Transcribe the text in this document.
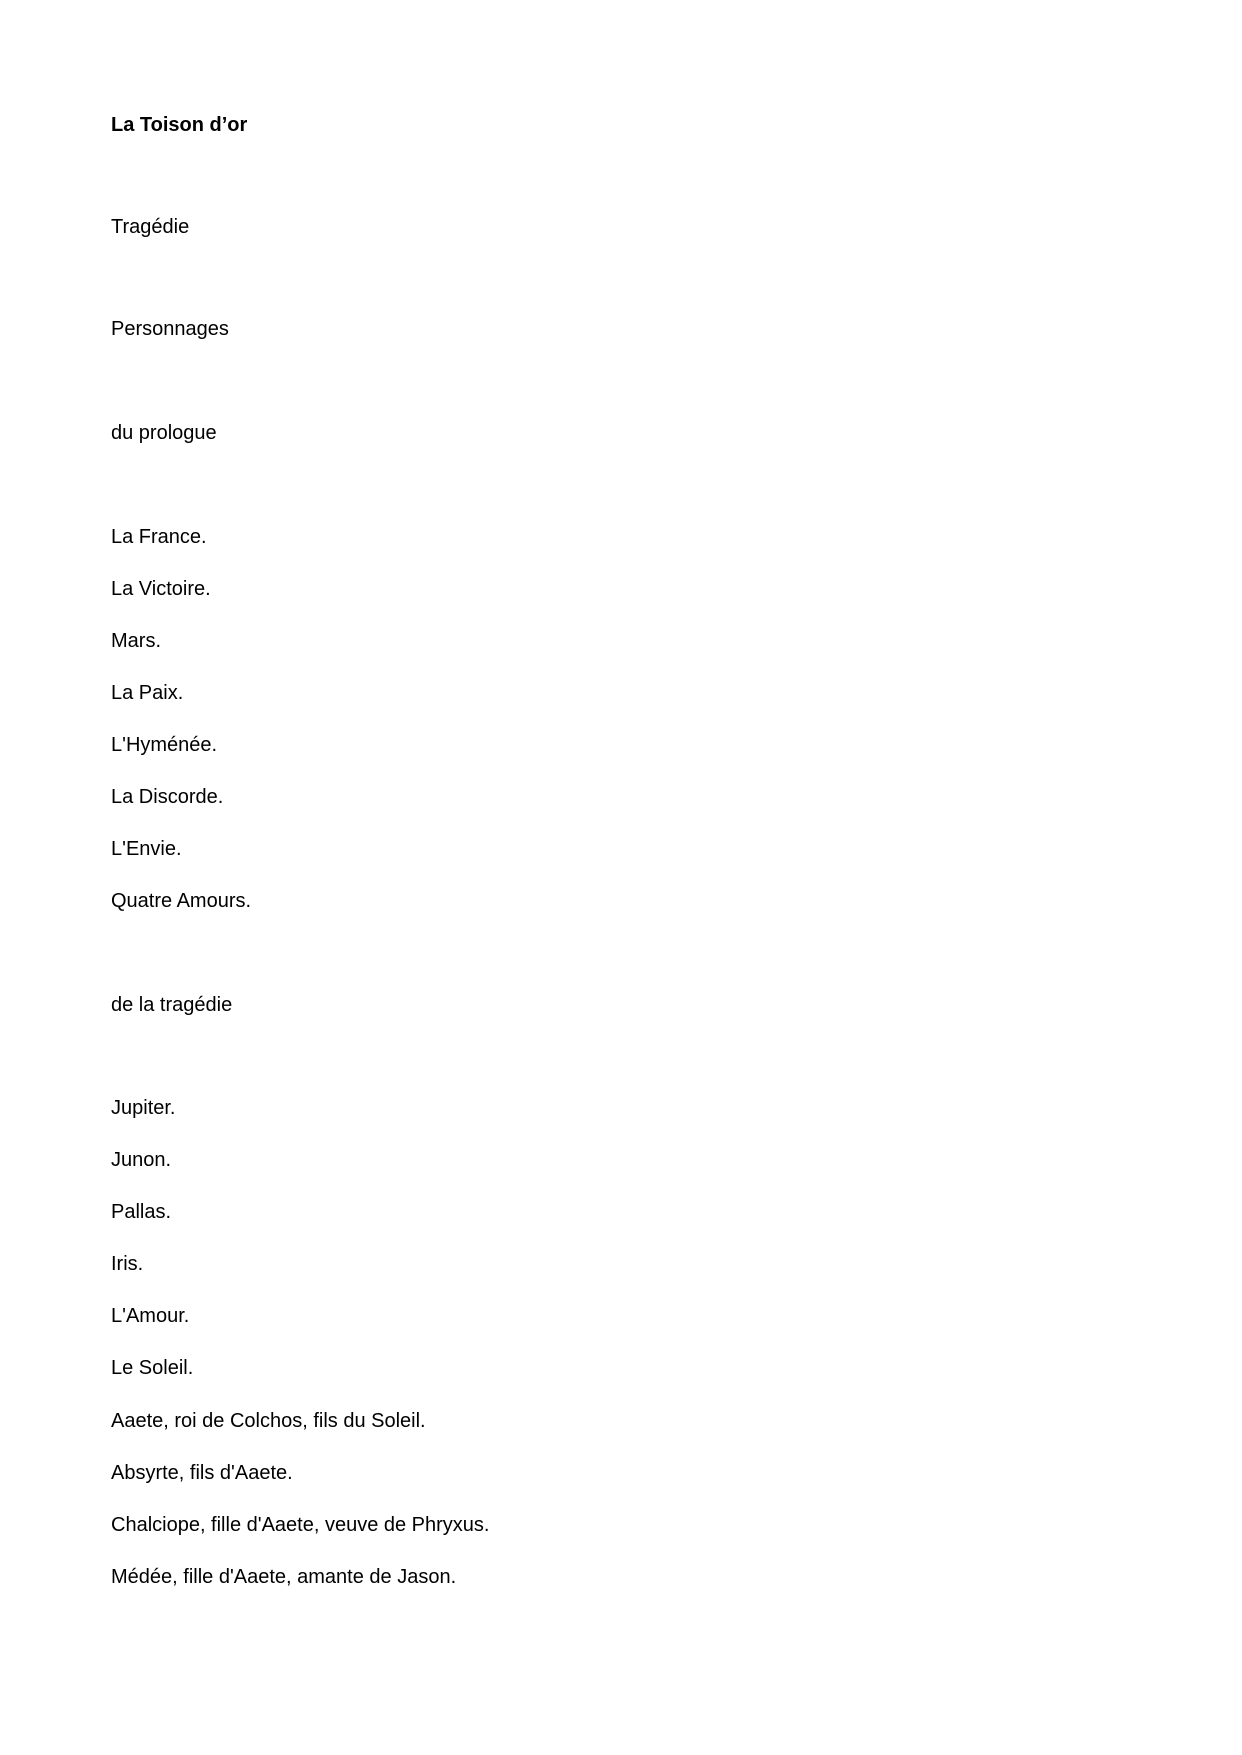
La Toison d’or
Tragédie
Personnages
du prologue
La France.
La Victoire.
Mars.
La Paix.
L'Hyménée.
La Discorde.
L'Envie.
Quatre Amours.
de la tragédie
Jupiter.
Junon.
Pallas.
Iris.
L'Amour.
Le Soleil.
Aaete, roi de Colchos, fils du Soleil.
Absyrte, fils d'Aaete.
Chalciope, fille d'Aaete, veuve de Phryxus.
Médée, fille d'Aaete, amante de Jason.
